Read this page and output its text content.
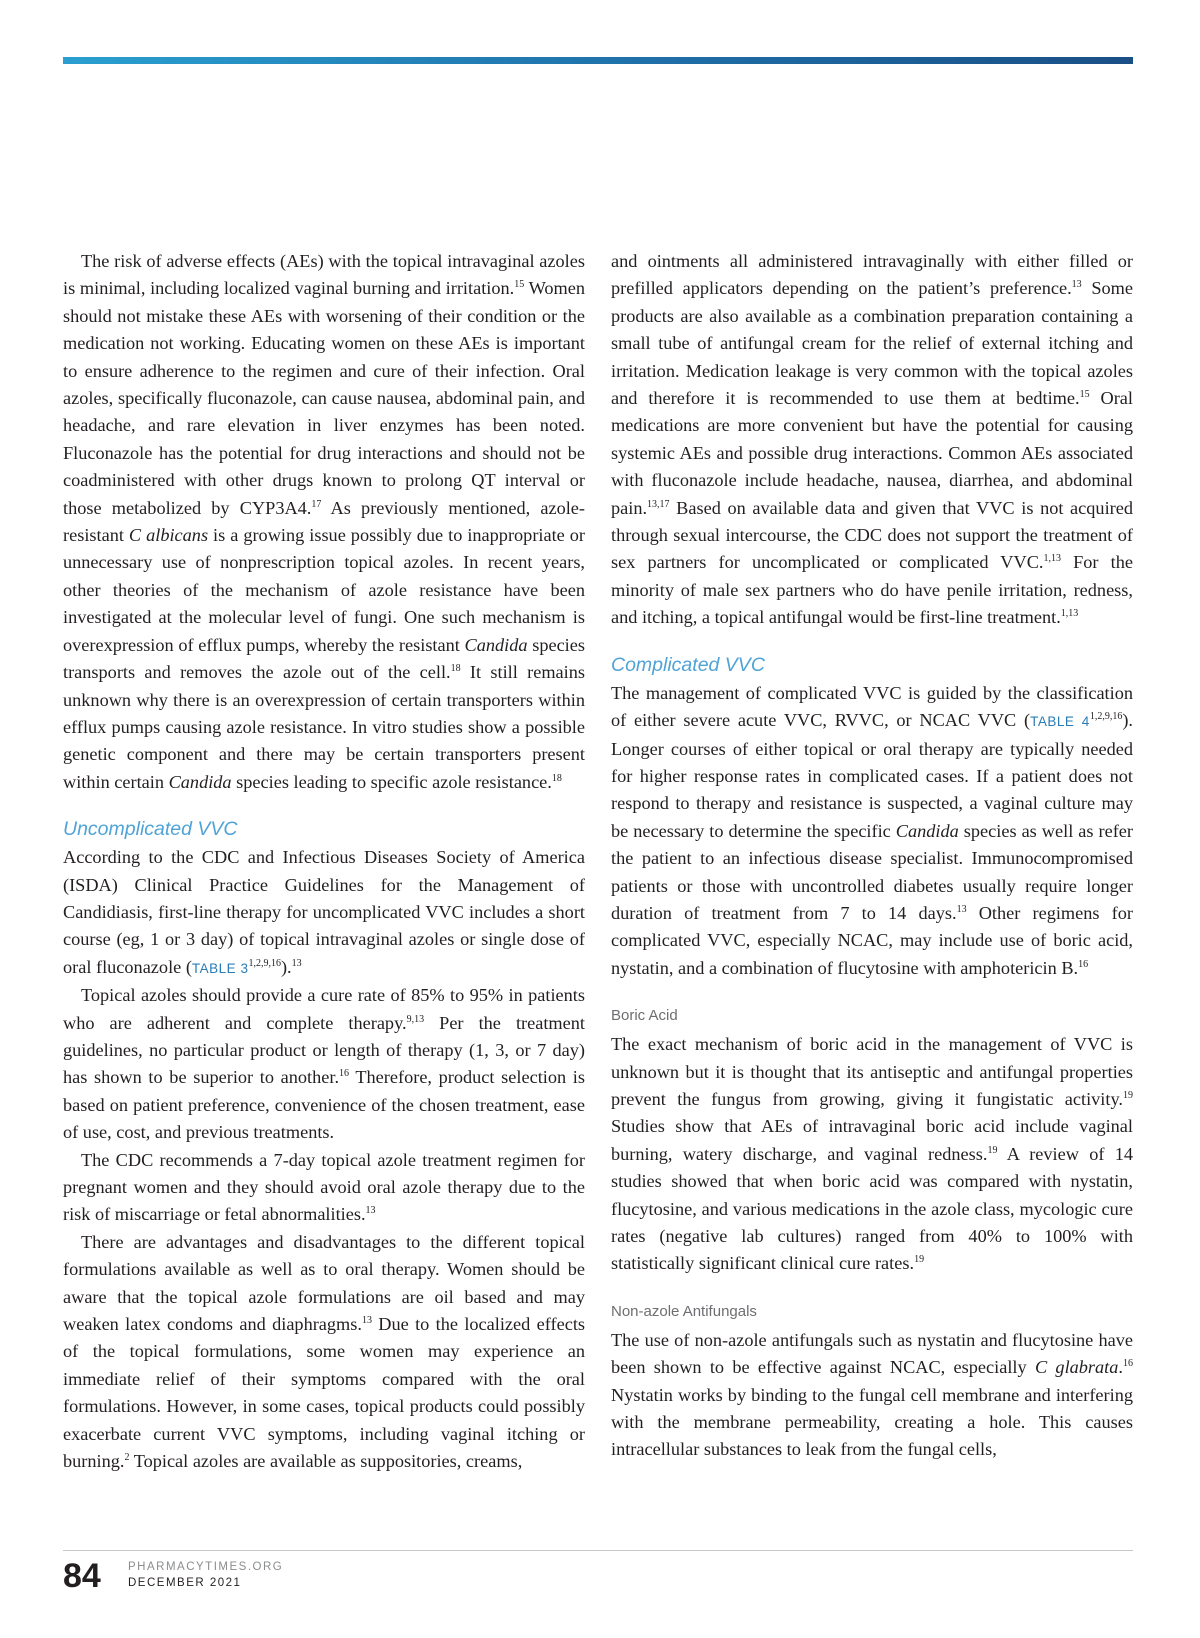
The risk of adverse effects (AEs) with the topical intravaginal azoles is minimal, including localized vaginal burning and irritation.$^{15}$ Women should not mistake these AEs with worsening of their condition or the medication not working. Educating women on these AEs is important to ensure adherence to the regimen and cure of their infection. Oral azoles, specifically fluconazole, can cause nausea, abdominal pain, and headache, and rare elevation in liver enzymes has been noted. Fluconazole has the potential for drug interactions and should not be coadministered with other drugs known to prolong QT interval or those metabolized by CYP3A4.17 As previously mentioned, azole-resistant C albicans is a growing issue possibly due to inappropriate or unnecessary use of nonprescription topical azoles. In recent years, other theories of the mechanism of azole resistance have been investigated at the molecular level of fungi. One such mechanism is overexpression of efflux pumps, whereby the resistant Candida species transports and removes the azole out of the cell.$^{18}$ It still remains unknown why there is an overexpression of certain transporters within efflux pumps causing azole resistance. In vitro studies show a possible genetic component and there may be certain transporters present within certain Candida species leading to specific azole resistance.$^{18}$

Uncomplicated VVC

According to the CDC and Infectious Diseases Society of America (ISDA) Clinical Practice Guidelines for the Management of Candidiasis, first-line therapy for uncomplicated VVC includes a short course (eg, 1 or 3 day) of topical intravaginal azoles or single dose of oral fluconazole (TABLE 3$^{1,2,9,16}$).$^{13}$

Topical azoles should provide a cure rate of 85% to 95% in patients who are adherent and complete therapy.$^{9,13}$ Per the treatment guidelines, no particular product or length of therapy (1, 3, or 7 day) has shown to be superior to another.$^{16}$ Therefore, product selection is based on patient preference, convenience of the chosen treatment, ease of use, cost, and previous treatments.

The CDC recommends a 7-day topical azole treatment regimen for pregnant women and they should avoid oral azole therapy due to the risk of miscarriage or fetal abnormalities.$^{13}$

There are advantages and disadvantages to the different topical formulations available as well as to oral therapy. Women should be aware that the topical azole formulations are oil based and may weaken latex condoms and diaphragms.$^{13}$ Due to the localized effects of the topical formulations, some women may experience an immediate relief of their symptoms compared with the oral formulations. However, in some cases, topical products could possibly exacerbate current VVC symptoms, including vaginal itching or burning.$^2$ Topical azoles are available as suppositories, creams,

and ointments all administered intravaginally with either filled or prefilled applicators depending on the patient’s preference.$^{13}$ Some products are also available as a combination preparation containing a small tube of antifungal cream for the relief of external itching and irritation. Medication leakage is very common with the topical azoles and therefore it is recommended to use them at bedtime.$^{15}$ Oral medications are more convenient but have the potential for causing systemic AEs and possible drug interactions. Common AEs associated with fluconazole include headache, nausea, diarrhea, and abdominal pain.$^{13,17}$ Based on available data and given that VVC is not acquired through sexual intercourse, the CDC does not support the treatment of sex partners for uncomplicated or complicated VVC.$^{1,13}$ For the minority of male sex partners who do have penile irritation, redness, and itching, a topical antifungal would be first-line treatment.$^{1,13}$

Complicated VVC

The management of complicated VVC is guided by the classification of either severe acute VVC, RVVC, or NCAC VVC (TABLE 4$^{1,2,9,16}$). Longer courses of either topical or oral therapy are typically needed for higher response rates in complicated cases. If a patient does not respond to therapy and resistance is suspected, a vaginal culture may be necessary to determine the specific Candida species as well as refer the patient to an infectious disease specialist. Immunocompromised patients or those with uncontrolled diabetes usually require longer duration of treatment from 7 to 14 days.$^{13}$ Other regimens for complicated VVC, especially NCAC, may include use of boric acid, nystatin, and a combination of flucytosine with amphotericin B.$^{16}$

Boric Acid

The exact mechanism of boric acid in the management of VVC is unknown but it is thought that its antiseptic and antifungal properties prevent the fungus from growing, giving it fungistatic activity.$^{19}$ Studies show that AEs of intravaginal boric acid include vaginal burning, watery discharge, and vaginal redness.$^{19}$ A review of 14 studies showed that when boric acid was compared with nystatin, flucytosine, and various medications in the azole class, mycologic cure rates (negative lab cultures) ranged from 40% to 100% with statistically significant clinical cure rates.$^{19}$

Non-azole Antifungals

The use of non-azole antifungals such as nystatin and flucytosine have been shown to be effective against NCAC, especially C glabrata.$^{16}$ Nystatin works by binding to the fungal cell membrane and interfering with the membrane permeability, creating a hole. This causes intracellular substances to leak from the fungal cells,

84 PHARMACYTIMES.ORG
DECEMBER 2021
